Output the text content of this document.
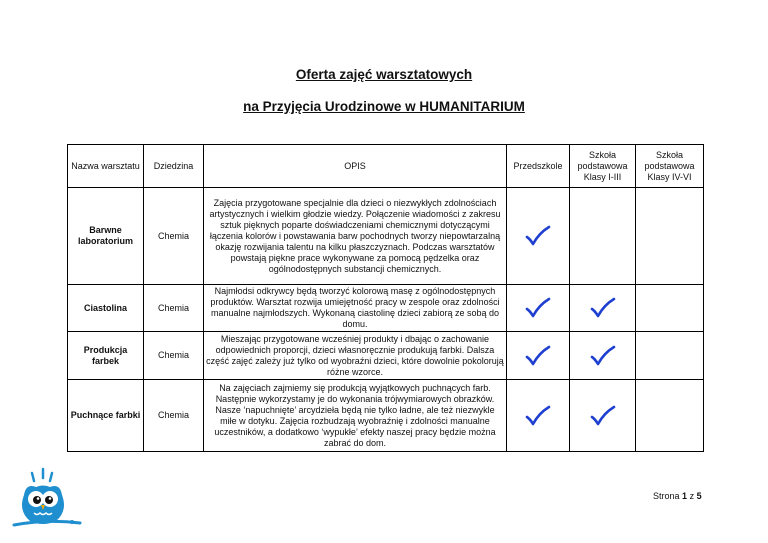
Oferta zajęć warsztatowych
na Przyjęcia Urodzinowe w HUMANITARIUM
Nazwa warsztatu	Dziedzina	OPIS	Przedszkole	Szkoła podstawowa Klasy I-III	Szkoła podstawowa Klasy IV-VI
Barwne laboratorium	Chemia	Zajęcia przygotowane specjalnie dla dzieci o niezwykłych zdolnościach artystycznych i wielkim głodzie wiedzy. Połączenie wiadomości z zakresu sztuk pięknych poparte doświadczeniami chemicznymi dotyczącymi łączenia kolorów i powstawania barw pochodnych tworzy niepowtarzalną okazję rozwijania talentu na kilku płaszczyznach. Podczas warsztatów powstają piękne prace wykonywane za pomocą pędzelka oraz ogólnodostępnych substancji chemicznych.	

Ciastolina	Chemia	Najmłodsi odkrywcy będą tworzyć kolorową masę z ogólnodostępnych produktów. Warsztat rozwija umiejętność pracy w zespole oraz zdolności manualne najmłodszych. Wykonaną ciastolinę dzieci zabiorą ze sobą do domu.	

Produkcja farbek	Chemia	Mieszając przygotowane wcześniej produkty i dbając o zachowanie odpowiednich proporcji, dzieci własnoręcznie produkują farbki. Dalsza część zajęć zależy już tylko od wyobraźni dzieci, które dowolnie pokolorują różne wzorce.	

Puchnące farbki	Chemia	Na zajęciach zajmiemy się produkcją wyjątkowych puchnących farb. Następnie wykorzystamy je do wykonania trójwymiarowych obrazków. Nasze ‘napuchnięte’ arcydzieła będą nie tylko ładne, ale też niezwykle miłe w dotyku. Zajęcia rozbudzają wyobraźnię i zdolności manualne uczestników, a dodatkowo ‘wypukłe’ efekty naszej pracy będzie można zabrać do dom.	

Strona 1 z 5
